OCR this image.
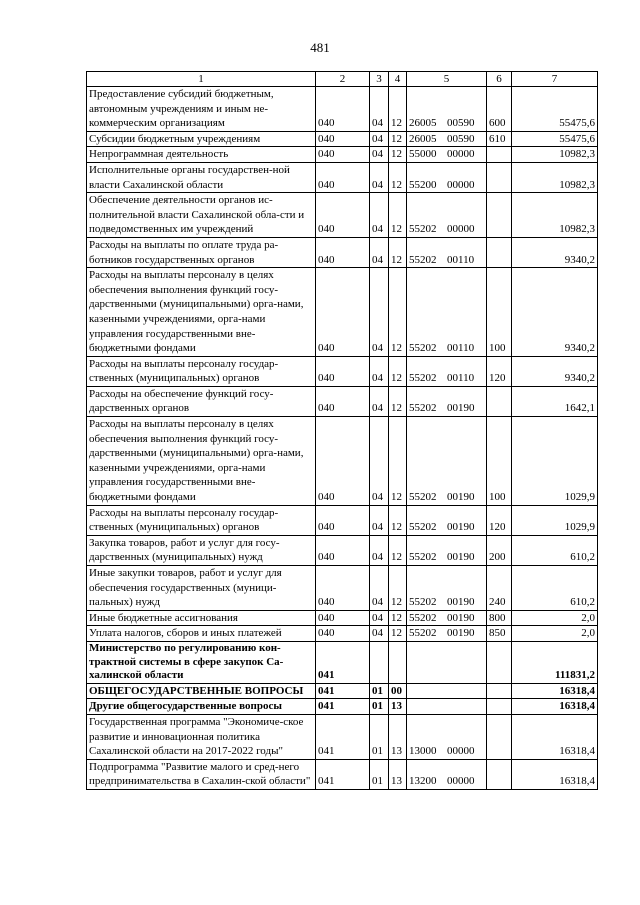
481
1	2	3	4	5	6	7
Предоставление субсидий бюджетным, автономным учреждениям и иным не-коммерческим организациям	040	04	12	26005 00590	600	55475,6
Субсидии бюджетным учреждениям	040	04	12	26005 00590	610	55475,6
Непрограммная деятельность	040	04	12	55000 00000		10982,3
Исполнительные органы государствен-ной власти Сахалинской области	040	04	12	55200 00000		10982,3
Обеспечение деятельности органов ис-полнительной власти Сахалинской обла-сти и подведомственных им учреждений	040	04	12	55202 00000		10982,3
Расходы на выплаты по оплате труда ра-ботников государственных органов	040	04	12	55202 00110		9340,2
Расходы на выплаты персоналу в целях обеспечения выполнения функций госу-дарственными (муниципальными) орга-нами, казенными учреждениями, орга-нами управления государственными вне-бюджетными фондами	040	04	12	55202 00110	100	9340,2
Расходы на выплаты персоналу государ-ственных (муниципальных) органов	040	04	12	55202 00110	120	9340,2
Расходы на обеспечение функций госу-дарственных органов	040	04	12	55202 00190		1642,1
Расходы на выплаты персоналу в целях обеспечения выполнения функций госу-дарственными (муниципальными) орга-нами, казенными учреждениями, орга-нами управления государственными вне-бюджетными фондами	040	04	12	55202 00190	100	1029,9
Расходы на выплаты персоналу государ-ственных (муниципальных) органов	040	04	12	55202 00190	120	1029,9
Закупка товаров, работ и услуг для госу-дарственных (муниципальных) нужд	040	04	12	55202 00190	200	610,2
Иные закупки товаров, работ и услуг для обеспечения государственных (муници-пальных) нужд	040	04	12	55202 00190	240	610,2
Иные бюджетные ассигнования	040	04	12	55202 00190	800	2,0
Уплата налогов, сборов и иных платежей	040	04	12	55202 00190	850	2,0
Министерство по регулированию кон-трактной системы в сфере закупок Са-халинской области	041					111831,2
ОБЩЕГОСУДАРСТВЕННЫЕ ВОПРОСЫ	041	01	00			16318,4
Другие общегосударственные вопросы	041	01	13			16318,4
Государственная программа "Экономиче-ское развитие и инновационная политика Сахалинской области на 2017-2022 годы"	041	01	13	13000 00000		16318,4
Подпрограмма "Развитие малого и сред-него предпринимательства в Сахалин-ской области"	041	01	13	13200 00000		16318,4
